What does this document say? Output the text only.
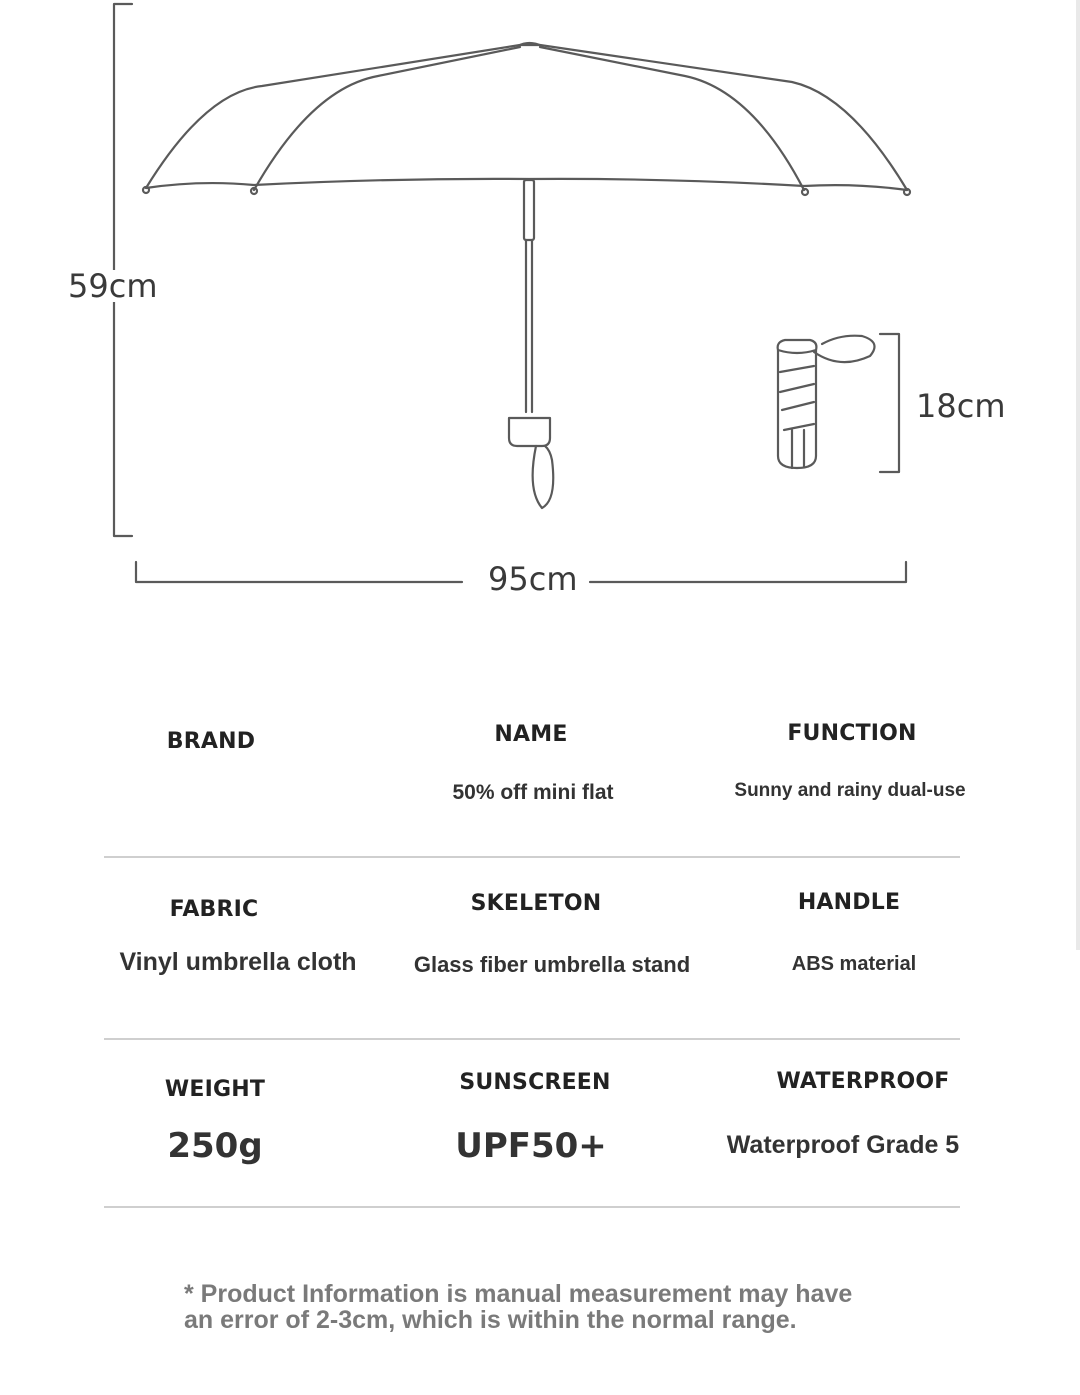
59cm
95cm
18cm
BRAND	NAME
50% off mini flat
FUNCTION
Sunny and rainy dual-use
FABRIC
Vinyl umbrella cloth
SKELETON
Glass fiber umbrella stand
HANDLE
ABS material
WEIGHT
250g
SUNSCREEN
UPF50+
WATERPROOF
Waterproof Grade 5
* Product Information is manual measurement may have an error of 2-3cm, which is within the normal range.
